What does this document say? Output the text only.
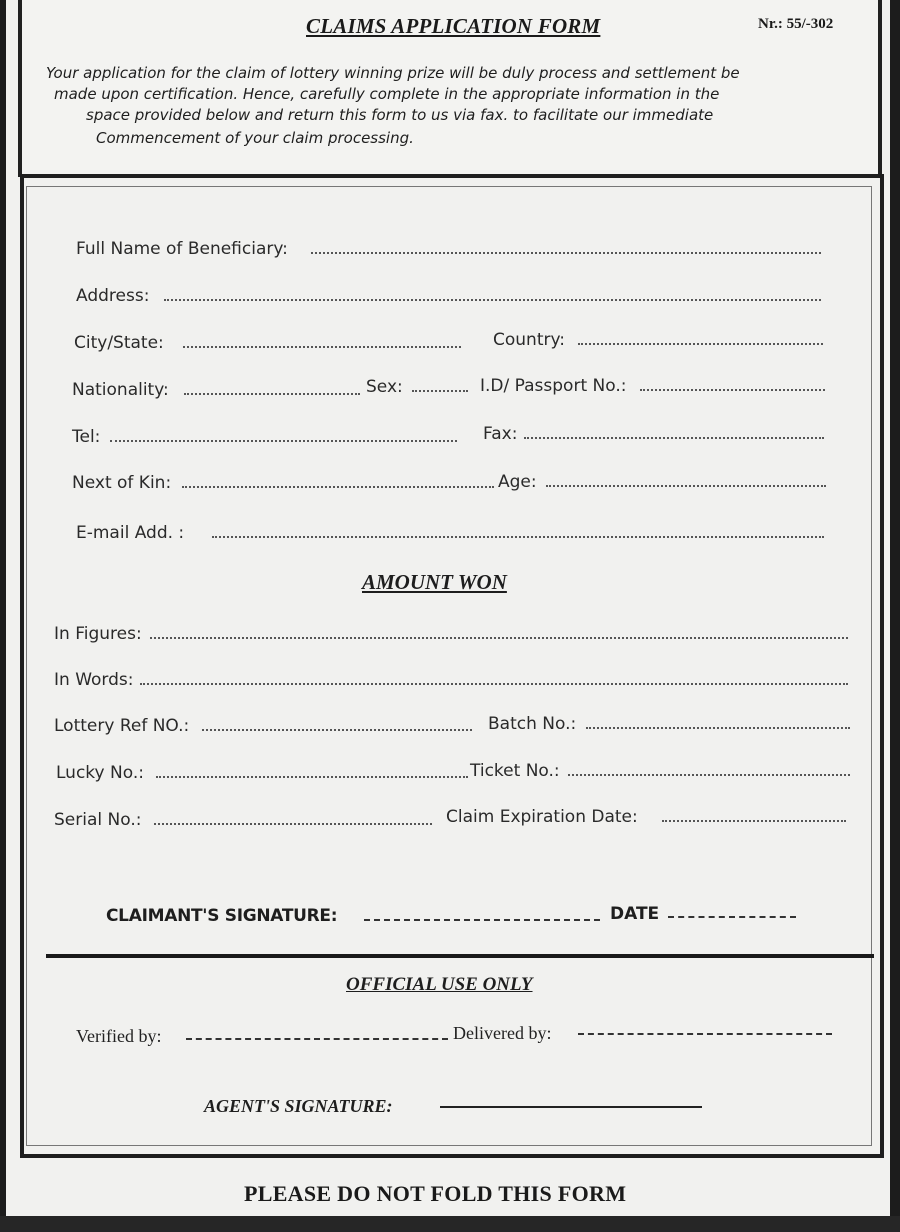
CLAIMS APPLICATION FORM	Nr.: 55/-302
Your application for the claim of lottery winning prize will be duly process and settlement be
made upon certification. Hence, carefully complete in the appropriate information in the
space provided below and return this form to us via fax. to facilitate our immediate
Commencement of your claim processing.
Full Name of Beneficiary:
Address:
City/State:	Country:
Nationality:	Sex:	I.D/ Passport No.:
Tel:	Fax:
Next of Kin:	Age:
E-mail Add. :
AMOUNT WON
In Figures:
In Words:
Lottery Ref NO.:	Batch No.:
Lucky No.:	Ticket No.:
Serial No.:	Claim Expiration Date:
CLAIMANT'S SIGNATURE:	DATE
OFFICIAL USE ONLY
Verified by:	Delivered by:
AGENT'S SIGNATURE:
PLEASE DO NOT FOLD THIS FORM
